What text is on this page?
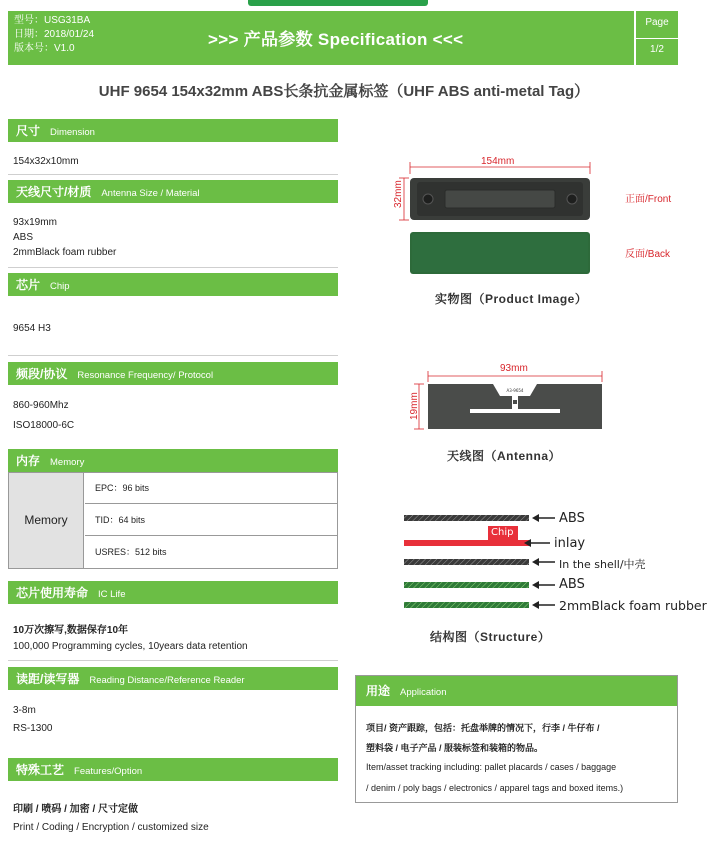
型号：USG31BA
日期：2018/01/24
版本号：V1.0	>>> 产品参数 Specification <<<
Page
1/2
UHF 9654 154x32mm ABS长条抗金属标签（UHF ABS anti-metal Tag）
尺寸 Dimension
154x32x10mm
天线尺寸/材质 Antenna Size / Material
93x19mm
ABS
2mmBlack foam rubber
芯片 Chip
9654 H3
频段/协议 Resonance Frequency/ Protocol
860-960Mhz
ISO18000-6C
内存 Memory
Memory
EPC：96 bits
TID：64 bits
USRES：512 bits
芯片使用寿命 IC Life
10万次擦写,数据保存10年
100,000 Programming cycles, 10years data retention
读距/读写器 Reading Distance/Reference Reader
3-8m
RS-1300
特殊工艺 Features/Option
印刷 / 喷码 / 加密 / 尺寸定做
Print / Coding / Encryption / customized size
154mm
32mm	正面/Front
反面/Back
实物图（Product Image）
A3-9654
93mm
19mm
天线图（Antenna）
Chip
ABS
inlay
In the shell/中壳
ABS
2mmBlack foam rubber
结构图（Structure）
用途 Application
项目/ 资产跟踪，包括：托盘举牌的情况下，行李 / 牛仔布 /
塑料袋 / 电子产品 / 服装标签和装箱的物品。
Item/asset tracking including: pallet placards / cases / baggage
/ denim / poly bags / electronics / apparel tags and boxed items.)
